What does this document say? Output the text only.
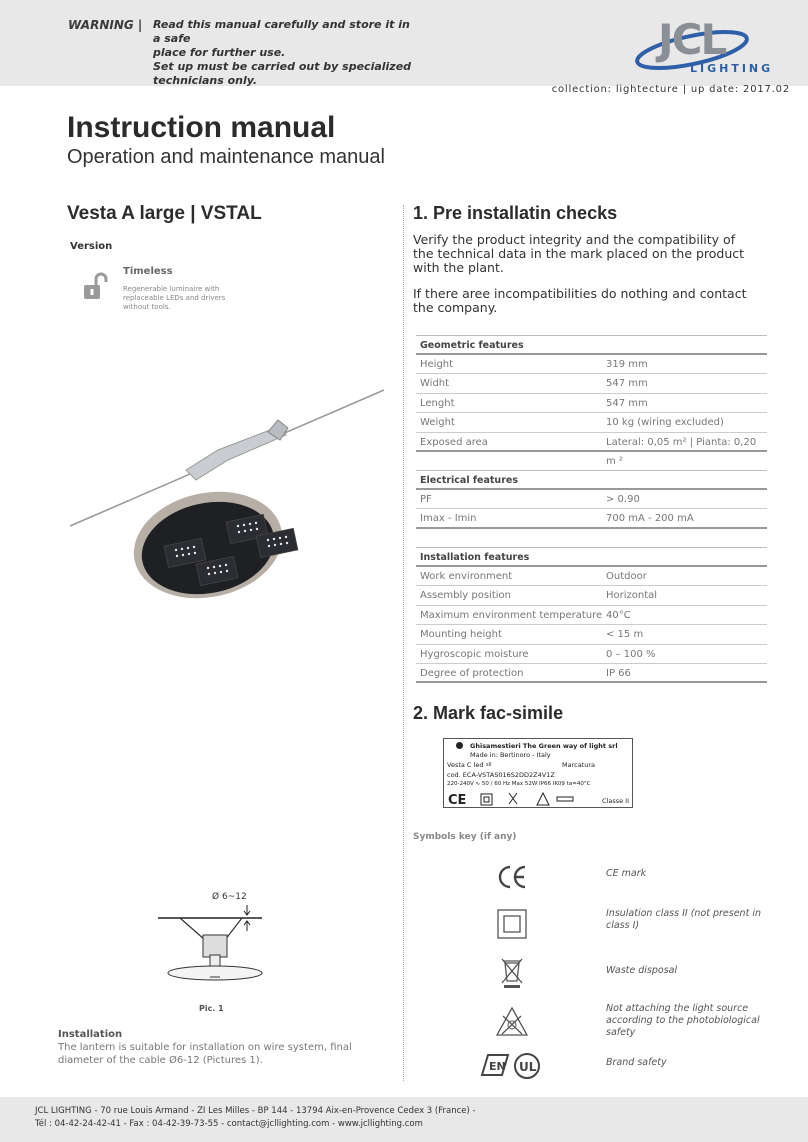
WARNING | Read this manual carefully and store it in a safe
place for further use.
Set up must be carried out by specialized
technicians only.
JCL
LIGHTING
collection: lightecture | up date: 2017.02
Instruction manual
Operation and maintenance manual
Vesta A large | VSTAL
Version
Timeless
Regenerable luminaire with replaceable LEDs and drivers without tools.
Ø 6~12
Pic. 1
Installation
The lantern is suitable for installation on wire system, final diameter of the cable Ø6-12 (Pictures 1).
1. Pre installatin checks
Verify the product integrity and the compatibility of the technical data in the mark placed on the product with the plant.
If there aree incompatibilities do nothing and contact the company.
Geometric features
Height	319 mm
Widht	547 mm
Lenght	547 mm
Weight	10 kg (wiring excluded)
Exposed area	Lateral: 0,05 m² | Pianta: 0,20 m ²
Electrical features
PF	> 0.90
Imax - Imin	700 mA - 200 mA
Installation features
Work environment	Outdoor
Assembly position	Horizontal
Maximum environment temperature 40°C
Mounting height	< 15 m
Hygroscopic moisture	0 – 100 %
Degree of protection	IP 66
2. Mark fac-simile
Ghisamestieri The Green way of light srl
Made in: Bertinoro - Italy
Vesta C led sII	Marcatura
cod. ECA-VSTAS016S2DD2Z4V1Z
220-240V ∿ 50 / 60 Hz Max 52W IP66 IK09 ta=40°C
CE	Classe II
Symbols key (if any)
CE mark
Insulation class II (not present in class I)
Waste disposal
Not attaching the light source according to the photobiological safety
EN UL	Brand safety
JCL LIGHTING - 70 rue Louis Armand - ZI Les Milles - BP 144 - 13794 Aix-en-Provence Cedex 3 (France) -
Tél : 04-42-24-42-41 - Fax : 04-42-39-73-55 - contact@jcllighting.com - www.jcllighting.com
